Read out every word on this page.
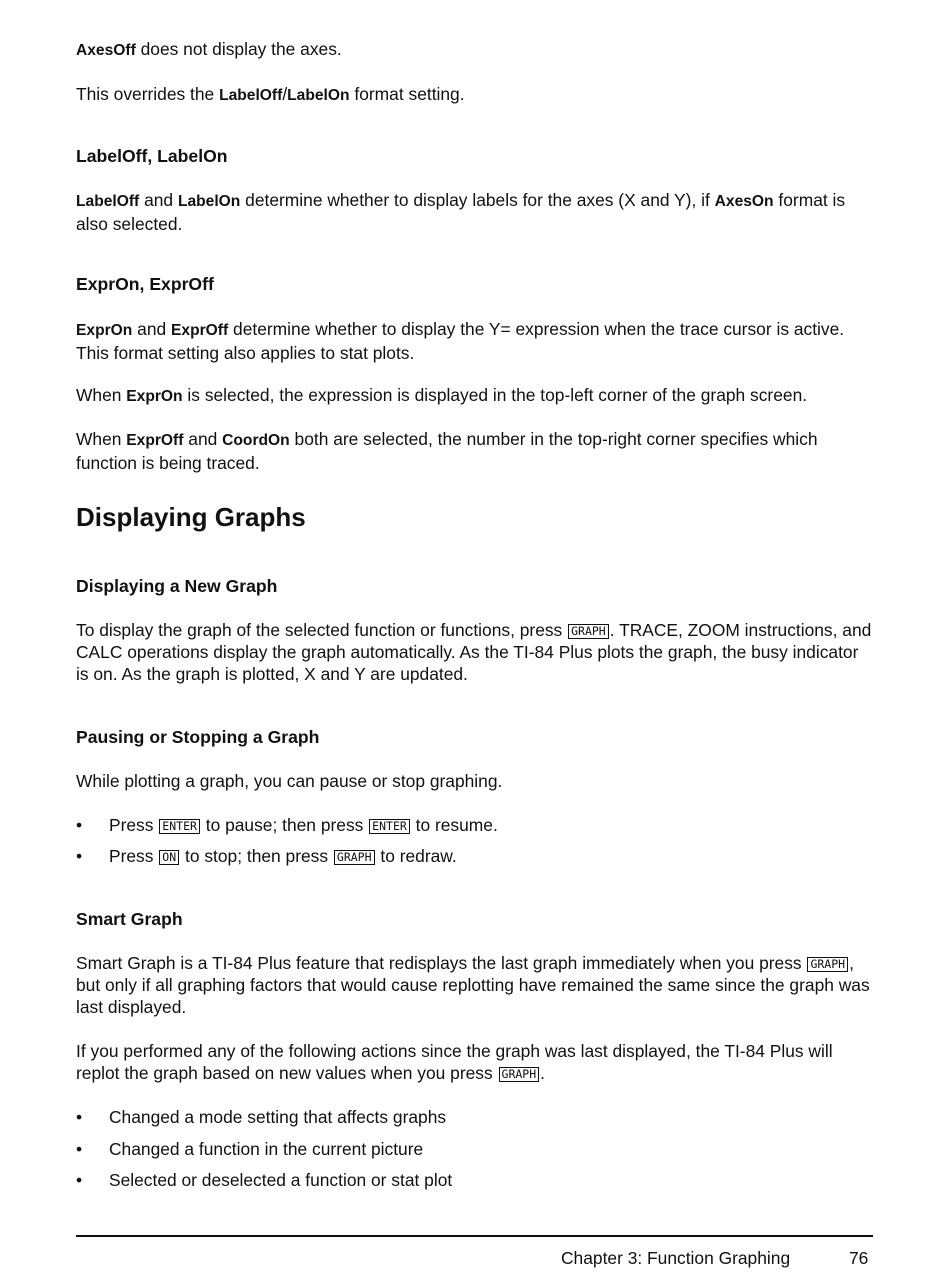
AxesOff does not display the axes.
This overrides the LabelOff/LabelOn format setting.
LabelOff, LabelOn
LabelOff and LabelOn determine whether to display labels for the axes (X and Y), if AxesOn format is also selected.
ExprOn, ExprOff
ExprOn and ExprOff determine whether to display the Y= expression when the trace cursor is active. This format setting also applies to stat plots.
When ExprOn is selected, the expression is displayed in the top-left corner of the graph screen.
When ExprOff and CoordOn both are selected, the number in the top-right corner specifies which function is being traced.
Displaying Graphs
Displaying a New Graph
To display the graph of the selected function or functions, press GRAPH . TRACE, ZOOM instructions, and CALC operations display the graph automatically. As the TI-84 Plus plots the graph, the busy indicator is on. As the graph is plotted, X and Y are updated.
Pausing or Stopping a Graph
While plotting a graph, you can pause or stop graphing.
• Press ENTER to pause; then press ENTER to resume.
• Press ON to stop; then press GRAPH to redraw.
Smart Graph
Smart Graph is a TI-84 Plus feature that redisplays the last graph immediately when you press GRAPH , but only if all graphing factors that would cause replotting have remained the same since the graph was last displayed.
If you performed any of the following actions since the graph was last displayed, the TI-84 Plus will replot the graph based on new values when you press GRAPH .
• Changed a mode setting that affects graphs
• Changed a function in the current picture
• Selected or deselected a function or stat plot
Chapter 3: Function Graphing	76
